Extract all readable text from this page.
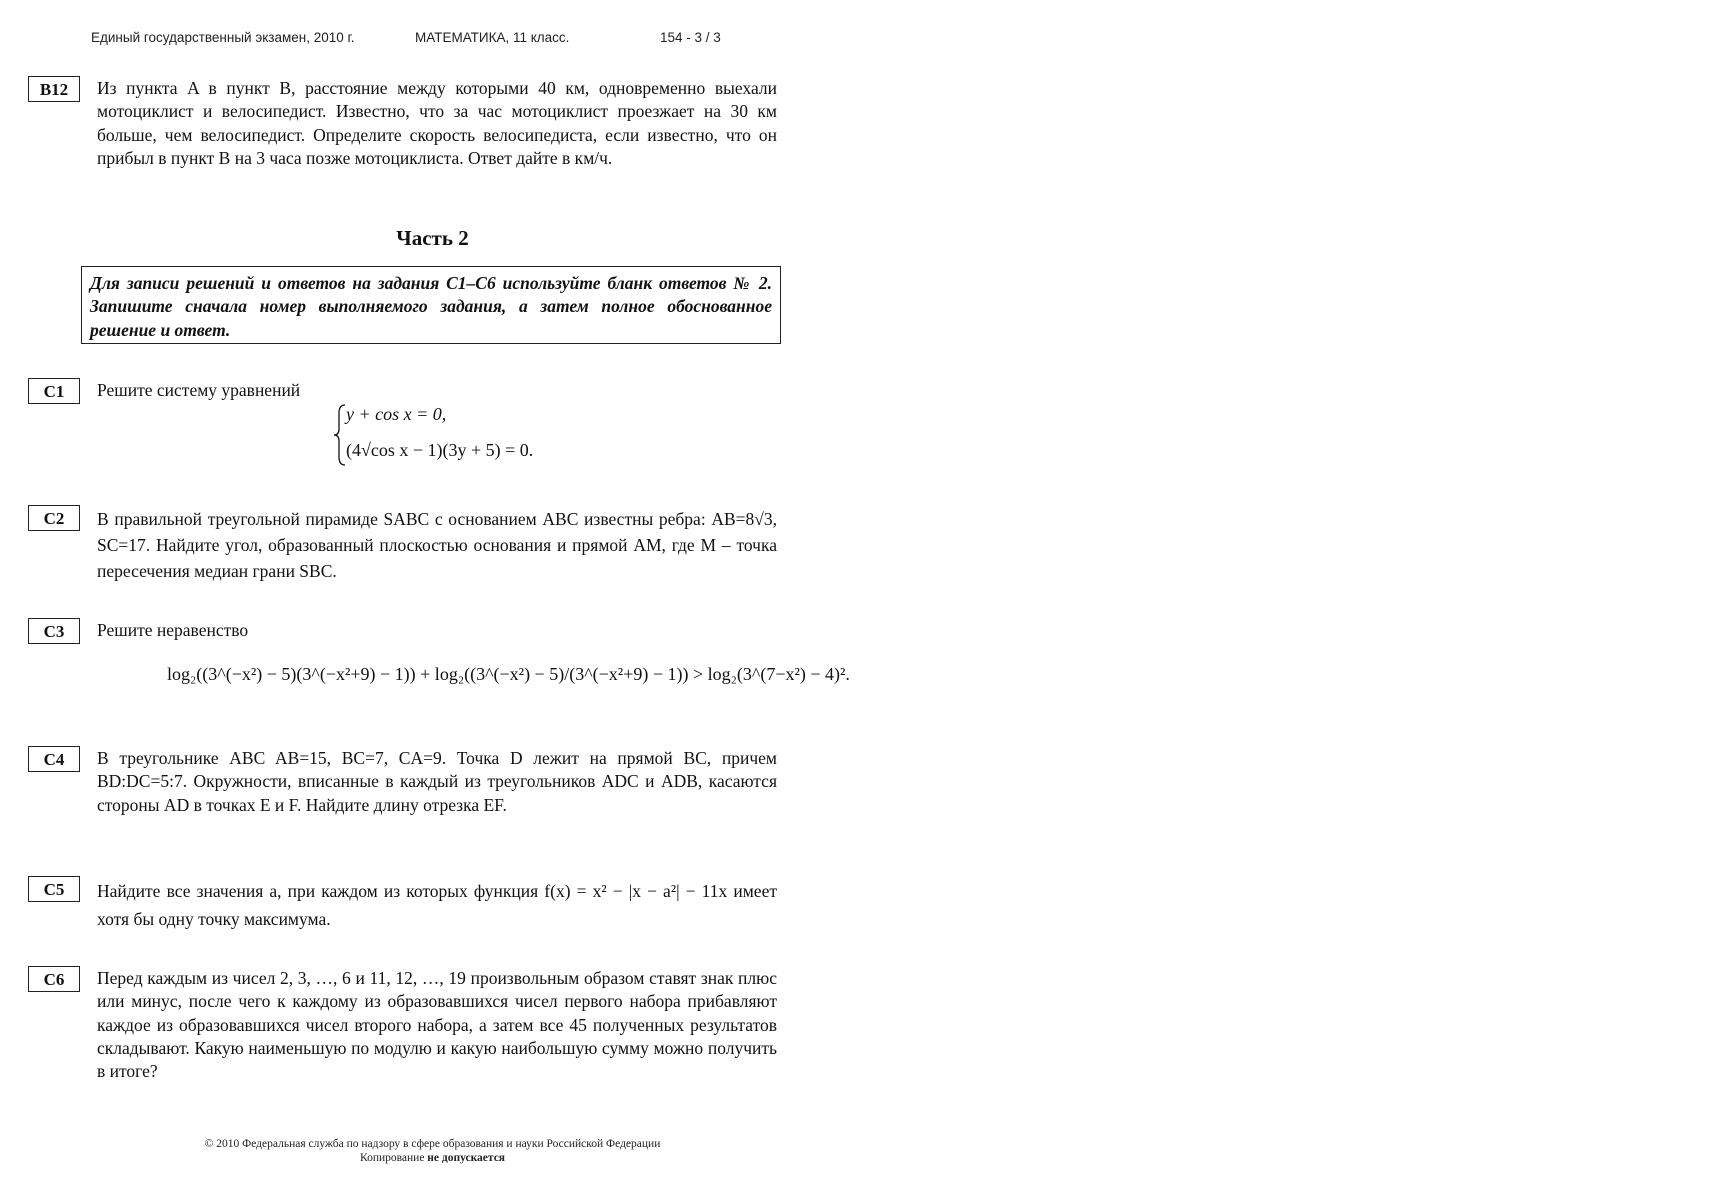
Единый государственный экзамен, 2010 г.	МАТЕМАТИКА, 11 класс.	154 - 3 / 3
B12	Из пункта A в пункт B, расстояние между которыми 40 км, одновременно выехали мотоциклист и велосипедист. Известно, что за час мотоциклист проезжает на 30 км больше, чем велосипедист. Определите скорость велосипедиста, если известно, что он прибыл в пункт B на 3 часа позже мотоциклиста. Ответ дайте в км/ч.
Часть 2
Для записи решений и ответов на задания С1–С6 используйте бланк ответов № 2. Запишите сначала номер выполняемого задания, а затем полное обоснованное решение и ответ.
C1	Решите систему уравнений
y + cos x = 0,
(4√cos x − 1)(3y + 5) = 0.
C2	В правильной треугольной пирамиде SABC с основанием ABC известны ребра: AB=8√3, SC=17. Найдите угол, образованный плоскостью основания и прямой AM, где M – точка пересечения медиан грани SBC.
C3	Решите неравенство
log₂((3^(−x²) − 5)(3^(−x²+9) − 1)) + log₂((3^(−x²) − 5)/(3^(−x²+9) − 1)) > log₂(3^(7−x²) − 4)².
C4	В треугольнике ABC AB=15, BC=7, CA=9. Точка D лежит на прямой BC, причем BD:DC=5:7. Окружности, вписанные в каждый из треугольников ADC и ADB, касаются стороны AD в точках E и F. Найдите длину отрезка EF.
C5	Найдите все значения a, при каждом из которых функция f(x) = x² − |x − a²| − 11x имеет хотя бы одну точку максимума.
C6	Перед каждым из чисел 2, 3, …, 6 и 11, 12, …, 19 произвольным образом ставят знак плюс или минус, после чего к каждому из образовавшихся чисел первого набора прибавляют каждое из образовавшихся чисел второго набора, а затем все 45 полученных результатов складывают. Какую наименьшую по модулю и какую наибольшую сумму можно получить в итоге?
© 2010 Федеральная служба по надзору в сфере образования и науки Российской Федерации
Копирование не допускается
